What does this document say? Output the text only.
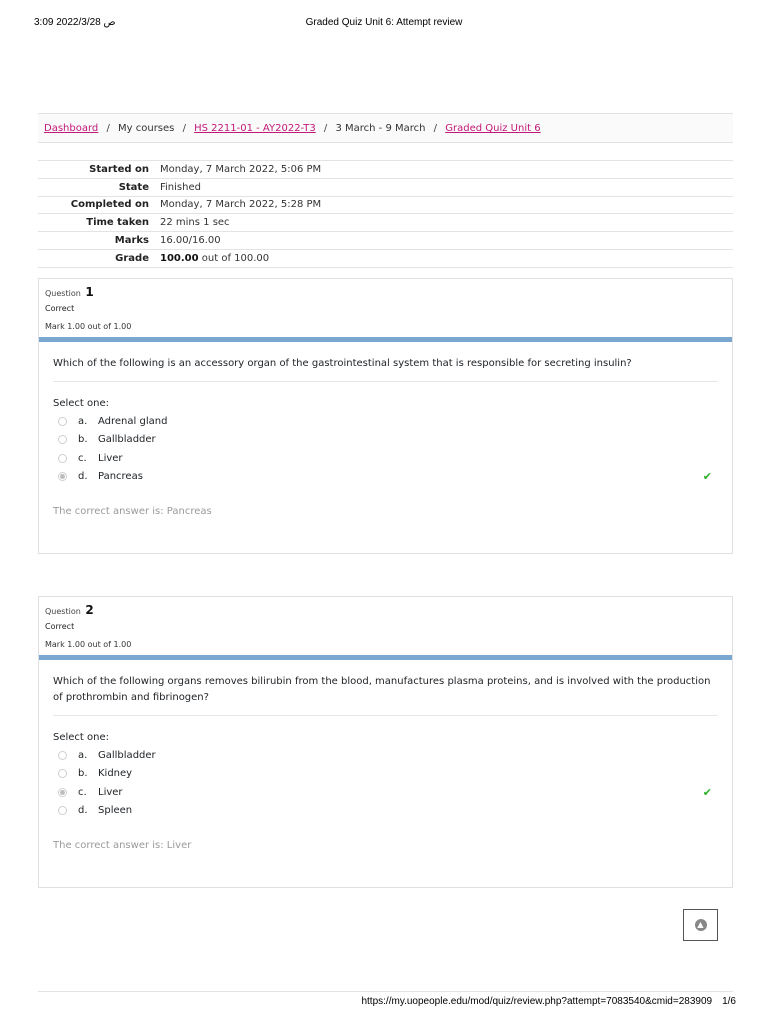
3:09 2022/3/28 ص	Graded Quiz Unit 6: Attempt review
Dashboard / My courses / HS 2211-01 - AY2022-T3 / 3 March - 9 March / Graded Quiz Unit 6
Started on	Monday, 7 March 2022, 5:06 PM
State	Finished
Completed on	Monday, 7 March 2022, 5:28 PM
Time taken	22 mins 1 sec
Marks	16.00/16.00
Grade	100.00 out of 100.00
Question 1
Correct
Mark 1.00 out of 1.00
Which of the following is an accessory organ of the gastrointestinal system that is responsible for secreting insulin?
Select one:
a.	Adrenal gland
b.	Gallbladder
c.	Liver
d.	Pancreas	✔
The correct answer is: Pancreas
Question 2
Correct
Mark 1.00 out of 1.00
Which of the following organs removes bilirubin from the blood, manufactures plasma proteins, and is involved with the production of prothrombin and fibrinogen?
Select one:
a.	Gallbladder
b.	Kidney
c.	Liver	✔
d.	Spleen
The correct answer is: Liver
▲
https://my.uopeople.edu/mod/quiz/review.php?attempt=7083540&cmid=283909 1/6
